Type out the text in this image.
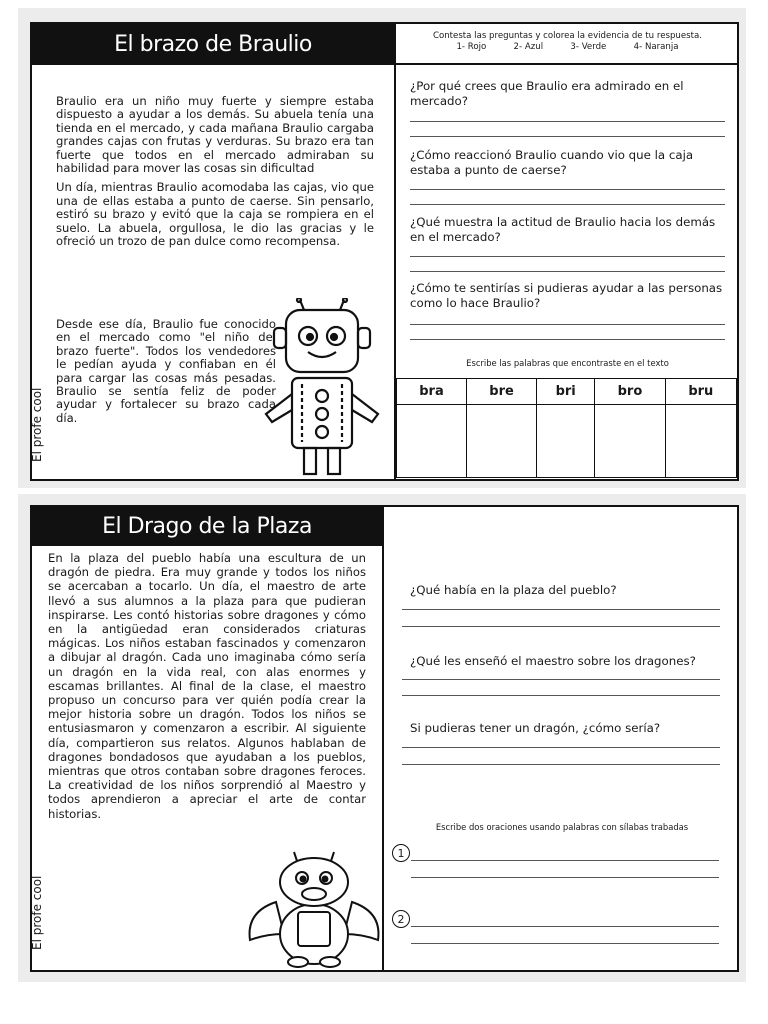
El brazo de Braulio	Contesta las preguntas y colorea la evidencia de tu respuesta.
1- Rojo          2- Azul          3- Verde          4- Naranja

Braulio era un niño muy fuerte y siempre estaba dispuesto a ayudar a los demás. Su abuela tenía una tienda en el mercado, y cada mañana Braulio cargaba grandes cajas con frutas y verduras. Su brazo era tan fuerte que todos en el mercado admiraban su habilidad para mover las cosas sin dificultad

Un día, mientras Braulio acomodaba las cajas, vio que una de ellas estaba a punto de caerse. Sin pensarlo, estiró su brazo y evitó que la caja se rompiera en el suelo. La abuela, orgullosa, le dio las gracias y le ofreció un trozo de pan dulce como recompensa.

Desde ese día, Braulio fue conocido en el mercado como "el niño del brazo fuerte". Todos los vendedores le pedían ayuda y confiaban en él para cargar las cosas más pesadas. Braulio se sentía feliz de poder ayudar y fortalecer su brazo cada día.
El profe cool
¿Por qué crees que Braulio era admirado en el mercado?
¿Cómo reaccionó Braulio cuando vio que la caja estaba a punto de caerse?
¿Qué muestra la actitud de Braulio hacia los demás en el mercado?
¿Cómo te sentirías si pudieras ayudar a las personas como lo hace Braulio?
Escribe las palabras que encontraste en el texto
bra	bre	bri	bro	bru

El Drago de la Plaza
En la plaza del pueblo había una escultura de un dragón de piedra. Era muy grande y todos los niños se acercaban a tocarlo. Un día, el maestro de arte llevó a sus alumnos a la plaza para que pudieran inspirarse. Les contó historias sobre dragones y cómo en la antigüedad eran considerados criaturas mágicas. Los niños estaban fascinados y comenzaron a dibujar al dragón. Cada uno imaginaba cómo sería un dragón en la vida real, con alas enormes y escamas brillantes. Al final de la clase, el maestro propuso un concurso para ver quién podía crear la mejor historia sobre un dragón. Todos los niños se entusiasmaron y comenzaron a escribir. Al siguiente día, compartieron sus relatos. Algunos hablaban de dragones bondadosos que ayudaban a los pueblos, mientras que otros contaban sobre dragones feroces. La creatividad de los niños sorprendió al Maestro y todos aprendieron a apreciar el arte de contar historias.
El profe cool
¿Qué había en la plaza del pueblo?
¿Qué les enseñó el maestro sobre los dragones?
Si pudieras tener un dragón, ¿cómo sería?
Escribe dos oraciones usando palabras con sílabas trabadas
1
2
